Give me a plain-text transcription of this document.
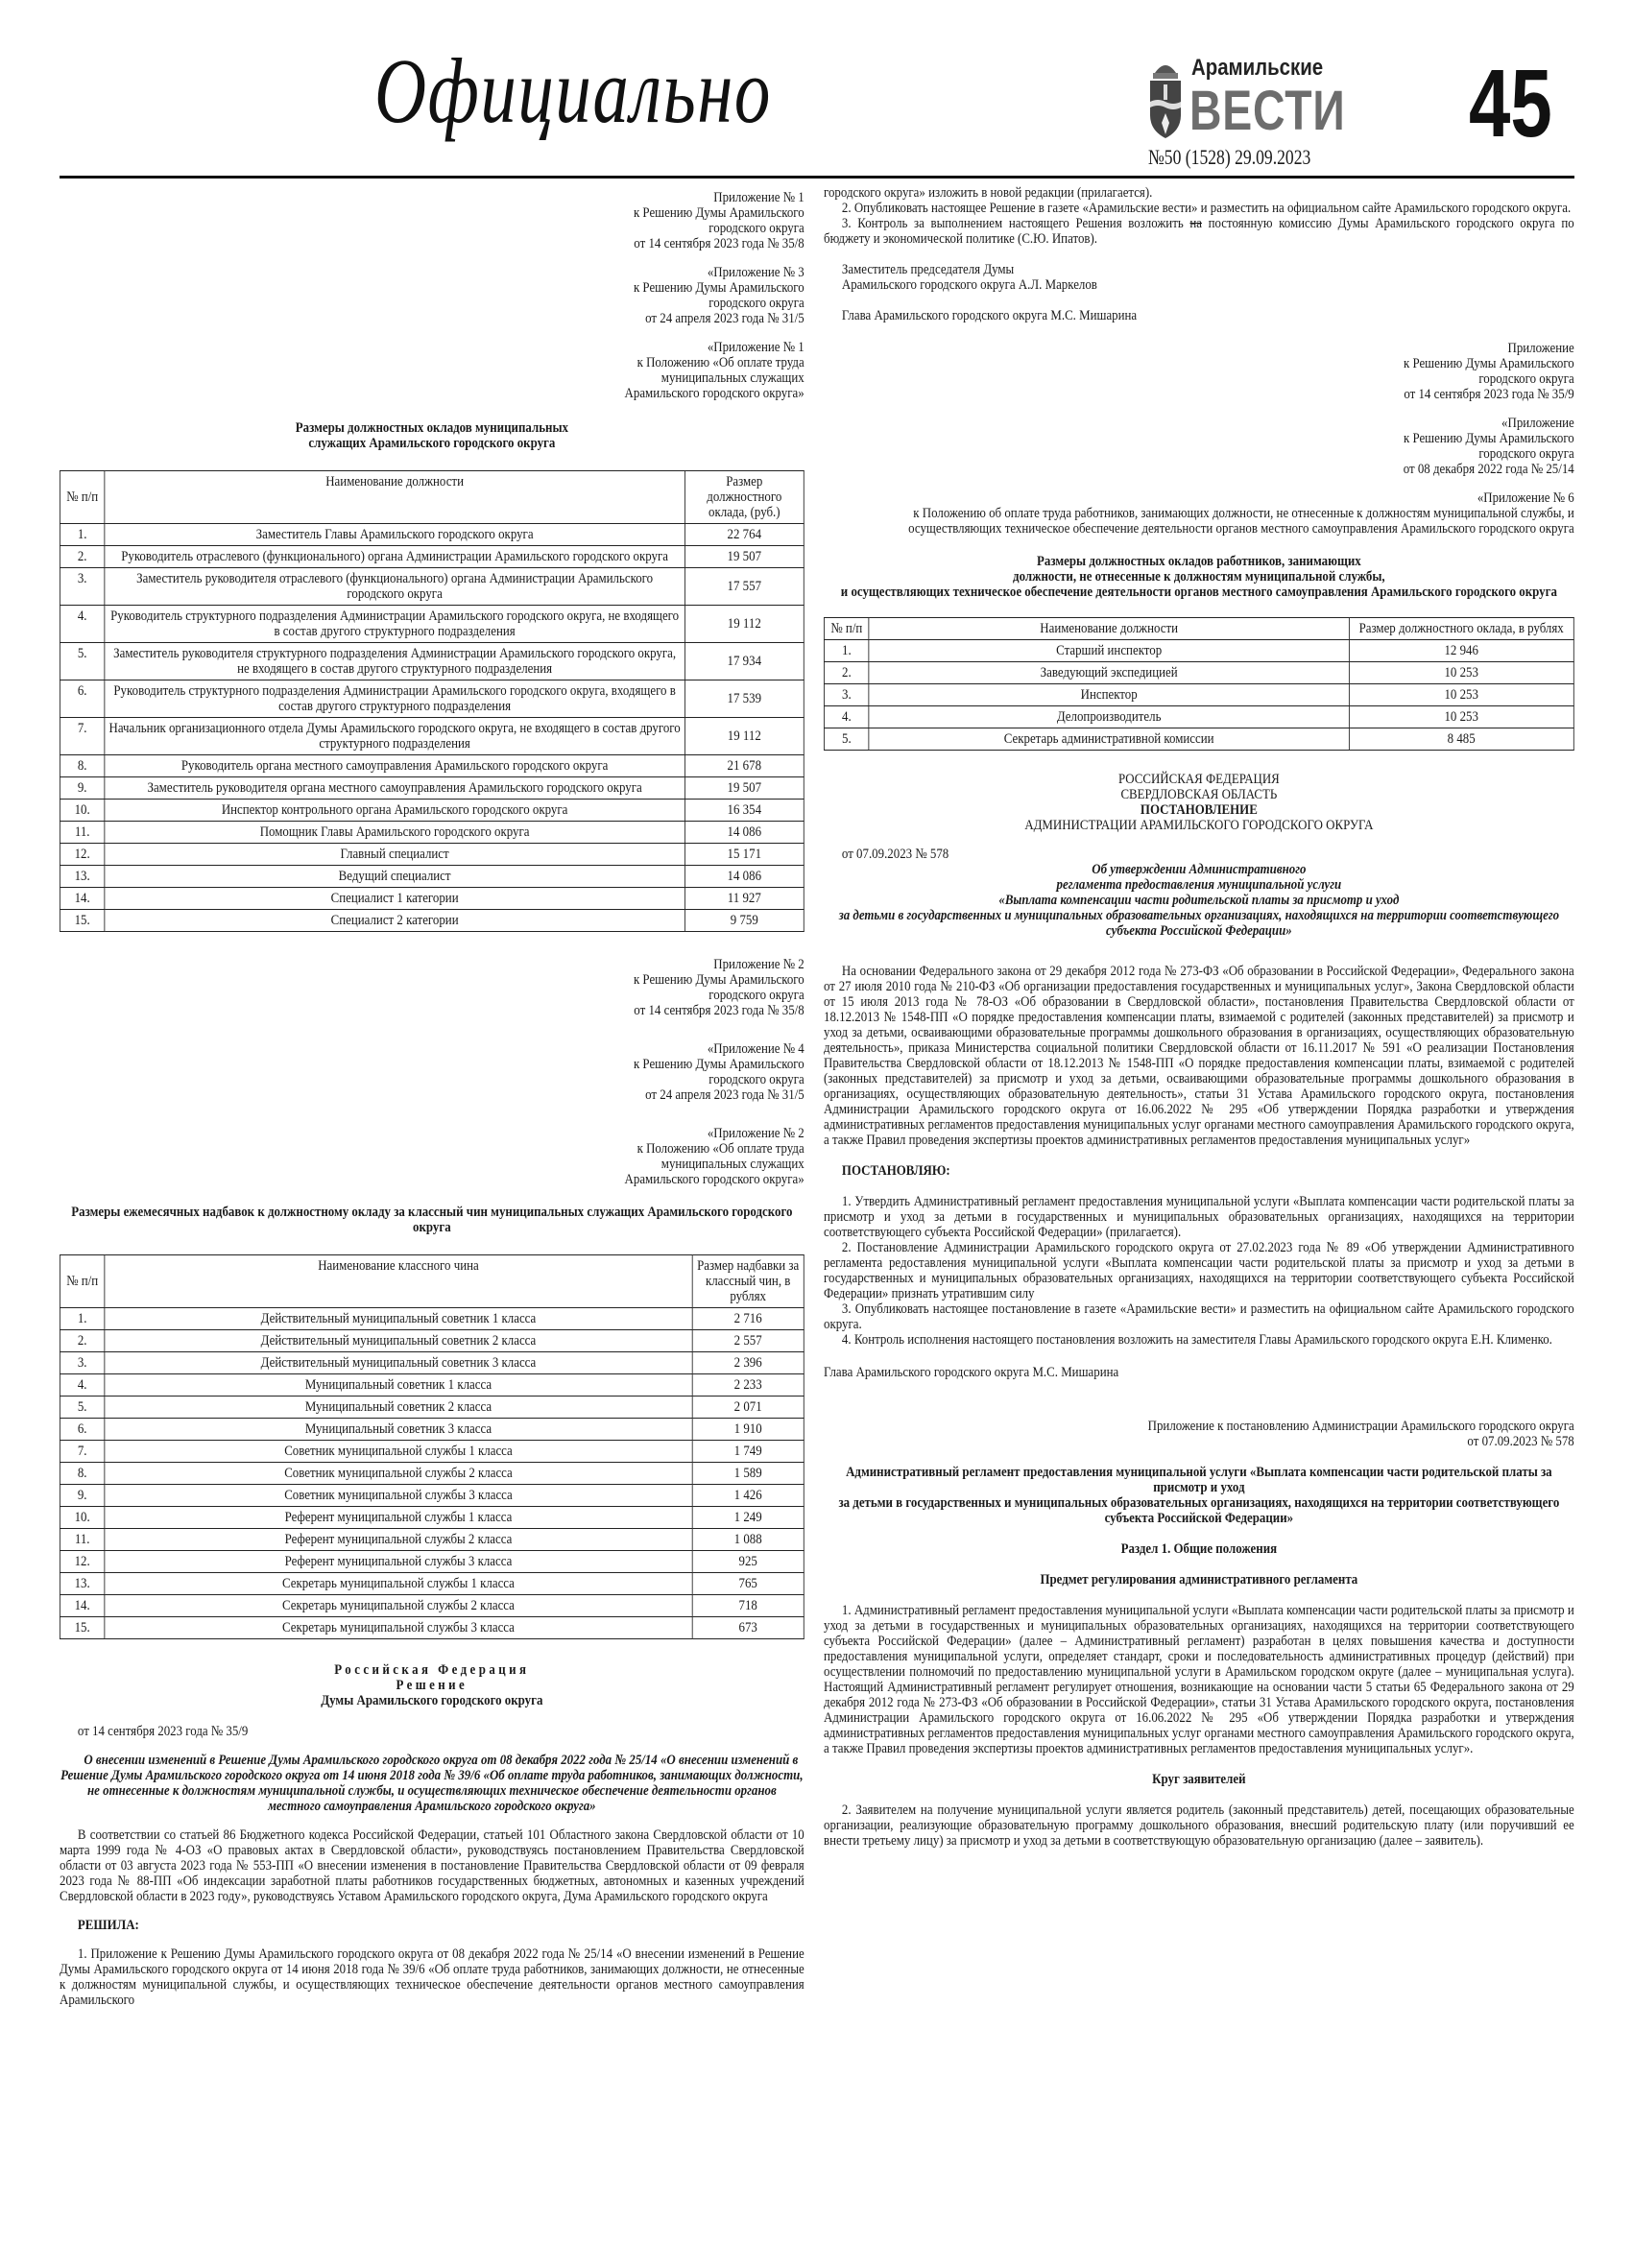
Официально	Арамильские
ВЕСТИ
№50 (1528) 29.09.2023 45
Приложение № 1
к Решению Думы Арамильского
городского округа
от 14 сентября 2023 года № 35/8
«Приложение № 3
к Решению Думы Арамильского
городского округа
от 24 апреля 2023 года № 31/5
«Приложение № 1
к Положению «Об оплате труда
муниципальных служащих
Арамильского городского округа»
Размеры должностных окладов муниципальных
служащих Арамильского городского округа
№ п/п	Наименование должности	Размер должностного оклада, (руб.)
1.	Заместитель Главы Арамильского городского округа	22 764
2.	Руководитель отраслевого (функционального) органа Администрации Арамильского городского округа	19 507
3.	Заместитель руководителя отраслевого (функционального) органа Администрации Арамильского городского округа	17 557
4.	Руководитель структурного подразделения Администрации Арамильского городского округа, не входящего в состав другого структурного подразделения	19 112
5.	Заместитель руководителя структурного подразделения Администрации Арамильского городского округа, не входящего в состав другого структурного подразделения	17 934
6.	Руководитель структурного подразделения Администрации Арамильского городского округа, входящего в состав другого структурного подразделения	17 539
7.	Начальник организационного отдела Думы Арамильского городского округа, не входящего в состав другого структурного подразделения	19 112
8.	Руководитель органа местного самоуправления Арамильского городского округа	21 678
9.	Заместитель руководителя органа местного самоуправления Арамильского городского округа	19 507
10.	Инспектор контрольного органа Арамильского городского округа	16 354
11.	Помощник Главы Арамильского городского округа	14 086
12.	Главный специалист	15 171
13.	Ведущий специалист	14 086
14.	Специалист 1 категории	11 927
15.	Специалист 2 категории	9 759
Приложение № 2
к Решению Думы Арамильского
городского округа
от 14 сентября 2023 года № 35/8
«Приложение № 4
к Решению Думы Арамильского
городского округа
от 24 апреля 2023 года № 31/5
«Приложение № 2
к Положению «Об оплате труда
муниципальных служащих
Арамильского городского округа»

Размеры ежемесячных надбавок к должностному окладу за классный чин муниципальных служащих Арамильского городского округа

№ п/п	Наименование классного чина	Размер надбавки за классный чин, в рублях
1.	Действительный муниципальный советник 1 класса	2 716
2.	Действительный муниципальный советник 2 класса	2 557
3.	Действительный муниципальный советник 3 класса	2 396
4.	Муниципальный советник 1 класса	2 233
5.	Муниципальный советник 2 класса	2 071
6.	Муниципальный советник 3 класса	1 910
7.	Советник муниципальной службы 1 класса	1 749
8.	Советник муниципальной службы 2 класса	1 589
9.	Советник муниципальной службы 3 класса	1 426
10.	Референт муниципальной службы 1 класса	1 249
11.	Референт муниципальной службы 2 класса	1 088
12.	Референт муниципальной службы 3 класса	925
13.	Секретарь муниципальной службы 1 класса	765
14.	Секретарь муниципальной службы 2 класса	718
15.	Секретарь муниципальной службы 3 класса	673
Российская Федерация
Решение
Думы Арамильского городского округа

от 14 сентября 2023 года № 35/9

О внесении изменений в Решение Думы Арамильского городского округа от 08 декабря 2022 года № 25/14 «О внесении изменений в Решение Думы Арамильского городского округа от 14 июня 2018 года № 39/6 «Об оплате труда работников, занимающих должности, не отнесенные к должностям муниципальной службы, и осуществляющих техническое обеспечение деятельности органов местного самоуправления Арамильского городского округа»

В соответствии со статьей 86 Бюджетного кодекса Российской Федерации, статьей 101 Областного закона Свердловской области от 10 марта 1999 года № 4-ОЗ «О правовых актах в Свердловской области», руководствуясь постановлением Правительства Свердловской области от 03 августа 2023 года № 553-ПП «О внесении изменения в постановление Правительства Свердловской области от 09 февраля 2023 года № 88-ПП «Об индексации заработной платы работников государственных бюджетных, автономных и казенных учреждений Свердловской области в 2023 году», руководствуясь Уставом Арамильского городского округа, Дума Арамильского городского округа

РЕШИЛА:

1. Приложение к Решению Думы Арамильского городского округа от 08 декабря 2022 года № 25/14 «О внесении изменений в Решение Думы Арамильского городского округа от 14 июня 2018 года № 39/6 «Об оплате труда работников, занимающих должности, не отнесенные к должностям муниципальной службы, и осуществляющих техническое обеспечение деятельности органов местного самоуправления Арамильского

городского округа» изложить в новой редакции (прилагается).

2. Опубликовать настоящее Решение в газете «Арамильские вести» и разместить на официальном сайте Арамильского городского округа.

3. Контроль за выполнением настоящего Решения возложить на постоянную комиссию Думы Арамильского городского округа по бюджету и экономической политике (С.Ю. Ипатов).

Заместитель председателя Думы
Арамильского городского округа А.Л. Маркелов

Глава Арамильского городского округа М.С. Мишарина

Приложение
к Решению Думы Арамильского
городского округа
от 14 сентября 2023 года № 35/9
«Приложение
к Решению Думы Арамильского
городского округа
от 08 декабря 2022 года № 25/14
«Приложение № 6

к Положению об оплате труда работников, занимающих должности, не отнесенные к должностям муниципальной службы, и осуществляющих техническое обеспечение деятельности органов местного самоуправления Арамильского городского округа

Размеры должностных окладов работников, занимающих
должности, не отнесенные к должностям муниципальной службы,
и осуществляющих техническое обеспечение деятельности органов местного самоуправления Арамильского городского округа
№ п/п	Наименование должности	Размер должностного оклада, в рублях
1.	Старший инспектор	12 946
2.	Заведующий экспедицией	10 253
3.	Инспектор	10 253
4.	Делопроизводитель	10 253
5.	Секретарь административной комиссии	8 485
РОССИЙСКАЯ ФЕДЕРАЦИЯ
СВЕРДЛОВСКАЯ ОБЛАСТЬ
ПОСТАНОВЛЕНИЕ
АДМИНИСТРАЦИИ АРАМИЛЬСКОГО ГОРОДСКОГО ОКРУГА

от 07.09.2023 № 578

Об утверждении Административного
регламента предоставления муниципальной услуги
«Выплата компенсации части родительской платы за присмотр и уход
за детьми в государственных и муниципальных образовательных организациях, находящихся на территории соответствующего субъекта Российской Федерации»

На основании Федерального закона от 29 декабря 2012 года № 273-ФЗ «Об образовании в Российской Федерации», Федерального закона от 27 июля 2010 года № 210-ФЗ «Об организации предоставления государственных и муниципальных услуг», Закона Свердловской области от 15 июля 2013 года № 78-ОЗ «Об образовании в Свердловской области», постановления Правительства Свердловской области от 18.12.2013 № 1548-ПП «О порядке предоставления компенсации платы, взимаемой с родителей (законных представителей) за присмотр и уход за детьми, осваивающими образовательные программы дошкольного образования в организациях, осуществляющих образовательную деятельность», приказа Министерства социальной политики Свердловской области от 16.11.2017 № 591 «О реализации Постановления Правительства Свердловской области от 18.12.2013 № 1548-ПП «О порядке предоставления компенсации платы, взимаемой с родителей (законных представителей) за присмотр и уход за детьми, осваивающими образовательные программы дошкольного образования в организациях, осуществляющих образовательную деятельность», статьи 31 Устава Арамильского городского округа, постановления Администрации Арамильского городского округа от 16.06.2022 № 295 «Об утверждении Порядка разработки и утверждения административных регламентов предоставления муниципальных услуг органами местного самоуправления Арамильского городского округа, а также Правил проведения экспертизы проектов административных регламентов предоставления муниципальных услуг»

ПОСТАНОВЛЯЮ:

1. Утвердить Административный регламент предоставления муниципальной услуги «Выплата компенсации части родительской платы за присмотр и уход за детьми в государственных и муниципальных образовательных организациях, находящихся на территории соответствующего субъекта Российской Федерации» (прилагается).

2. Постановление Администрации Арамильского городского округа от 27.02.2023 года № 89 «Об утверждении Административного регламента редоставления муниципальной услуги «Выплата компенсации части родительской платы за присмотр и уход за детьми в государственных и муниципальных образовательных организациях, находящихся на территории соответствующего субъекта Российской Федерации» признать утратившим силу

3. Опубликовать настоящее постановление в газете «Арамильские вести» и разместить на официальном сайте Арамильского городского округа.

4. Контроль исполнения настоящего постановления возложить на заместителя Главы Арамильского городского округа Е.Н. Клименко.

Глава Арамильского городского округа М.С. Мишарина

Приложение к постановлению Администрации Арамильского городского округа
от 07.09.2023 № 578
Административный регламент предоставления муниципальной услуги «Выплата компенсации части родительской платы за присмотр и уход
за детьми в государственных и муниципальных образовательных организациях, находящихся на территории соответствующего субъекта Российской Федерации»

Раздел 1. Общие положения

Предмет регулирования административного регламента

1. Административный регламент предоставления муниципальной услуги «Выплата компенсации части родительской платы за присмотр и уход за детьми в государственных и муниципальных образовательных организациях, находящихся на территории соответствующего субъекта Российской Федерации» (далее – Административный регламент) разработан в целях повышения качества и доступности предоставления муниципальной услуги, определяет стандарт, сроки и последовательность административных процедур (действий) при осуществлении полномочий по предоставлению муниципальной услуги в Арамильском городском округе (далее – муниципальная услуга). Настоящий Административный регламент регулирует отношения, возникающие на основании части 5 статьи 65 Федерального закона от 29 декабря 2012 года № 273-ФЗ «Об образовании в Российской Федерации», статьи 31 Устава Арамильского городского округа, постановления Администрации Арамильского городского округа от 16.06.2022 № 295 «Об утверждении Порядка разработки и утверждения административных регламентов предоставления муниципальных услуг органами местного самоуправления Арамильского городского округа, а также Правил проведения экспертизы проектов административных регламентов предоставления муниципальных услуг».

Круг заявителей

2. Заявителем на получение муниципальной услуги является родитель (законный представитель) детей, посещающих образовательные организации, реализующие образовательную программу дошкольного образования, внесший родительскую плату (или поручивший ее внести третьему лицу) за присмотр и уход за детьми в соответствующую образовательную организацию (далее – заявитель).
